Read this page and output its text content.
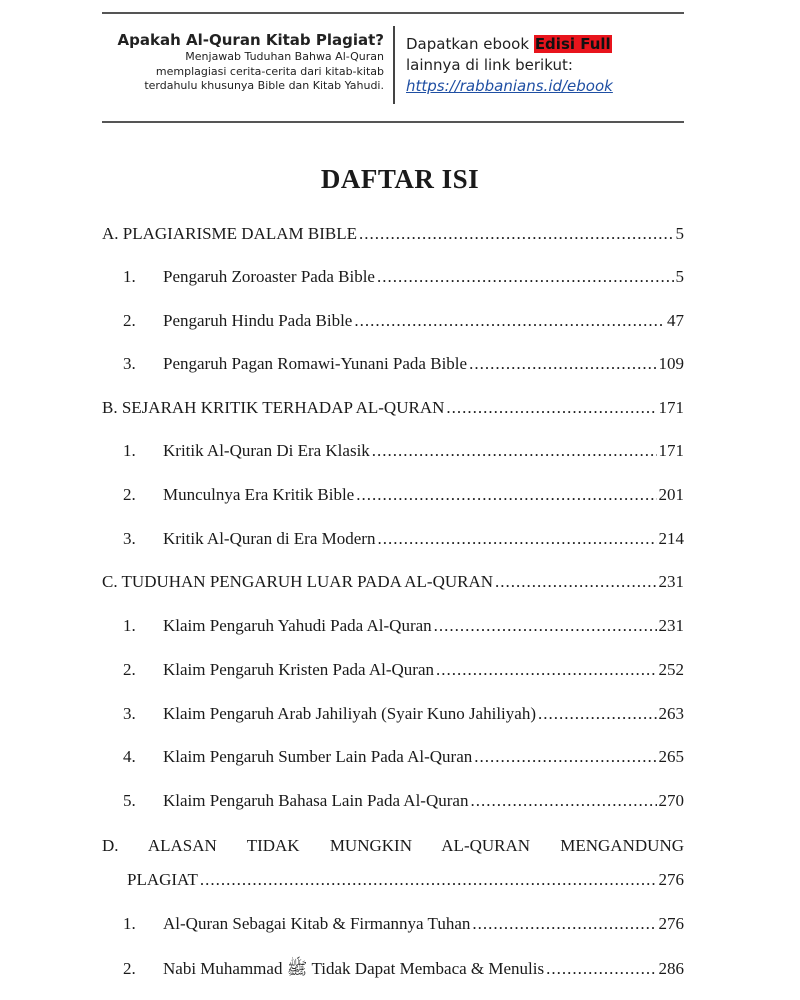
Apakah Al-Quran Kitab Plagiat?
Menjawab Tuduhan Bahwa Al-Quran
memplagiasi cerita-cerita dari kitab-kitab
terdahulu khusunya Bible dan Kitab Yahudi.
Dapatkan ebook Edisi Full
lainnya di link berikut:
https://rabbanians.id/ebook
DAFTAR ISI
A. PLAGIARISME DALAM BIBLE .....	5
1.	Pengaruh Zoroaster Pada Bible .....	5
2.	Pengaruh Hindu Pada Bible .....	47
3.	Pengaruh Pagan Romawi-Yunani Pada Bible .....	109
B. SEJARAH KRITIK TERHADAP AL-QURAN .....	171
1.	Kritik Al-Quran Di Era Klasik .....	171
2.	Munculnya Era Kritik Bible .....	201
3.	Kritik Al-Quran di Era Modern .....	214
C. TUDUHAN PENGARUH LUAR PADA AL-QURAN .....	231
1.	Klaim Pengaruh Yahudi Pada Al-Quran .....	231
2.	Klaim Pengaruh Kristen Pada Al-Quran .....	252
3.	Klaim Pengaruh Arab Jahiliyah (Syair Kuno Jahiliyah) .....	263
4.	Klaim Pengaruh Sumber Lain Pada Al-Quran .....	265
5.	Klaim Pengaruh Bahasa Lain Pada Al-Quran .....	270
D. ALASAN TIDAK MUNGKIN AL-QURAN MENGANDUNG
PLAGIAT .....	276
1.	Al-Quran Sebagai Kitab & Firmannya Tuhan .....	276
2.	Nabi Muhammad ﷺ Tidak Dapat Membaca & Menulis .....	286
